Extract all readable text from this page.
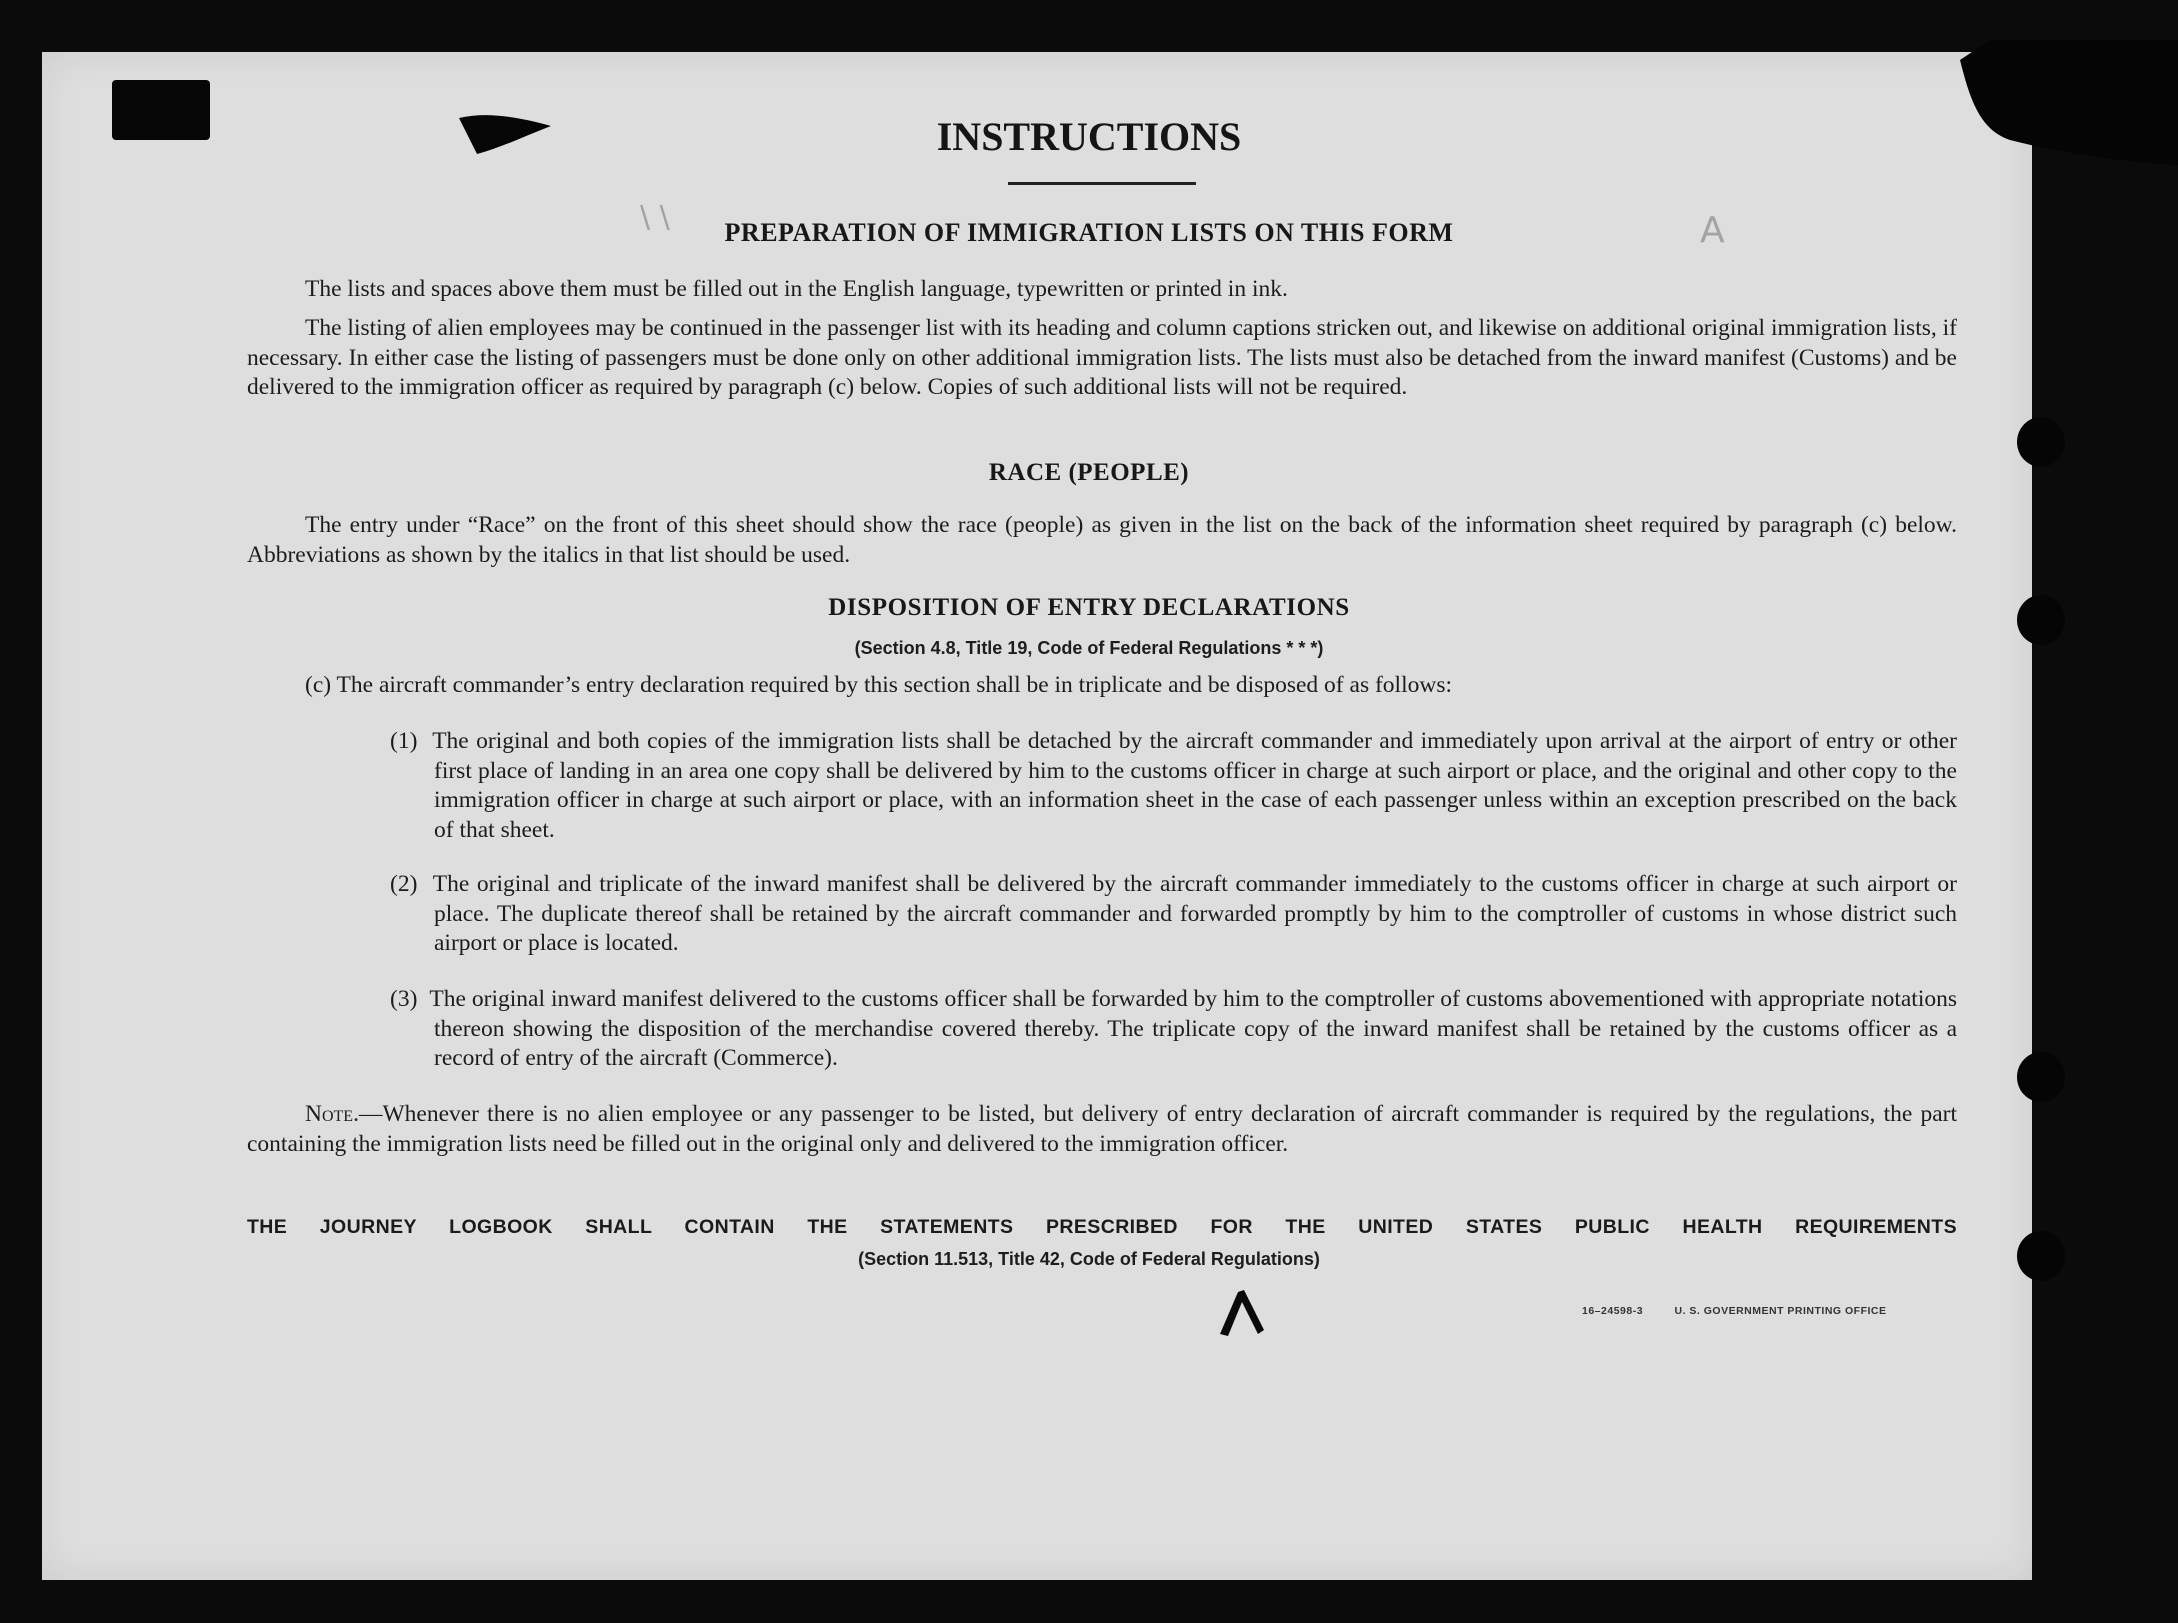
\ \	A
INSTRUCTIONS
PREPARATION OF IMMIGRATION LISTS ON THIS FORM
The lists and spaces above them must be filled out in the English language, typewritten or printed in ink.
The listing of alien employees may be continued in the passenger list with its heading and column captions stricken out, and likewise on additional original immigration lists, if necessary. In either case the listing of passengers must be done only on other additional immigration lists. The lists must also be detached from the inward manifest (Customs) and be delivered to the immigration officer as required by paragraph (c) below. Copies of such additional lists will not be required.
RACE (PEOPLE)
The entry under “Race” on the front of this sheet should show the race (people) as given in the list on the back of the information sheet required by paragraph (c) below. Abbreviations as shown by the italics in that list should be used.
DISPOSITION OF ENTRY DECLARATIONS
(Section 4.8, Title 19, Code of Federal Regulations * * *)
(c) The aircraft commander’s entry declaration required by this section shall be in triplicate and be disposed of as follows:
(1) The original and both copies of the immigration lists shall be detached by the aircraft commander and immediately upon arrival at the airport of entry or other first place of landing in an area one copy shall be delivered by him to the customs officer in charge at such airport or place, and the original and other copy to the immigration officer in charge at such airport or place, with an information sheet in the case of each passenger unless within an exception prescribed on the back of that sheet.
(2) The original and triplicate of the inward manifest shall be delivered by the aircraft commander immediately to the customs officer in charge at such airport or place. The duplicate thereof shall be retained by the aircraft commander and forwarded promptly by him to the comptroller of customs in whose district such airport or place is located.
(3) The original inward manifest delivered to the customs officer shall be forwarded by him to the comptroller of customs abovementioned with appropriate notations thereon showing the disposition of the merchandise covered thereby. The triplicate copy of the inward manifest shall be retained by the customs officer as a record of entry of the aircraft (Commerce).
Note.—Whenever there is no alien employee or any passenger to be listed, but delivery of entry declaration of aircraft commander is required by the regulations, the part containing the immigration lists need be filled out in the original only and delivered to the immigration officer.
THE JOURNEY LOGBOOK SHALL CONTAIN THE STATEMENTS PRESCRIBED FOR THE UNITED STATES PUBLIC HEALTH REQUIREMENTS
(Section 11.513, Title 42, Code of Federal Regulations)
16–24598-3	U. S. GOVERNMENT PRINTING OFFICE
